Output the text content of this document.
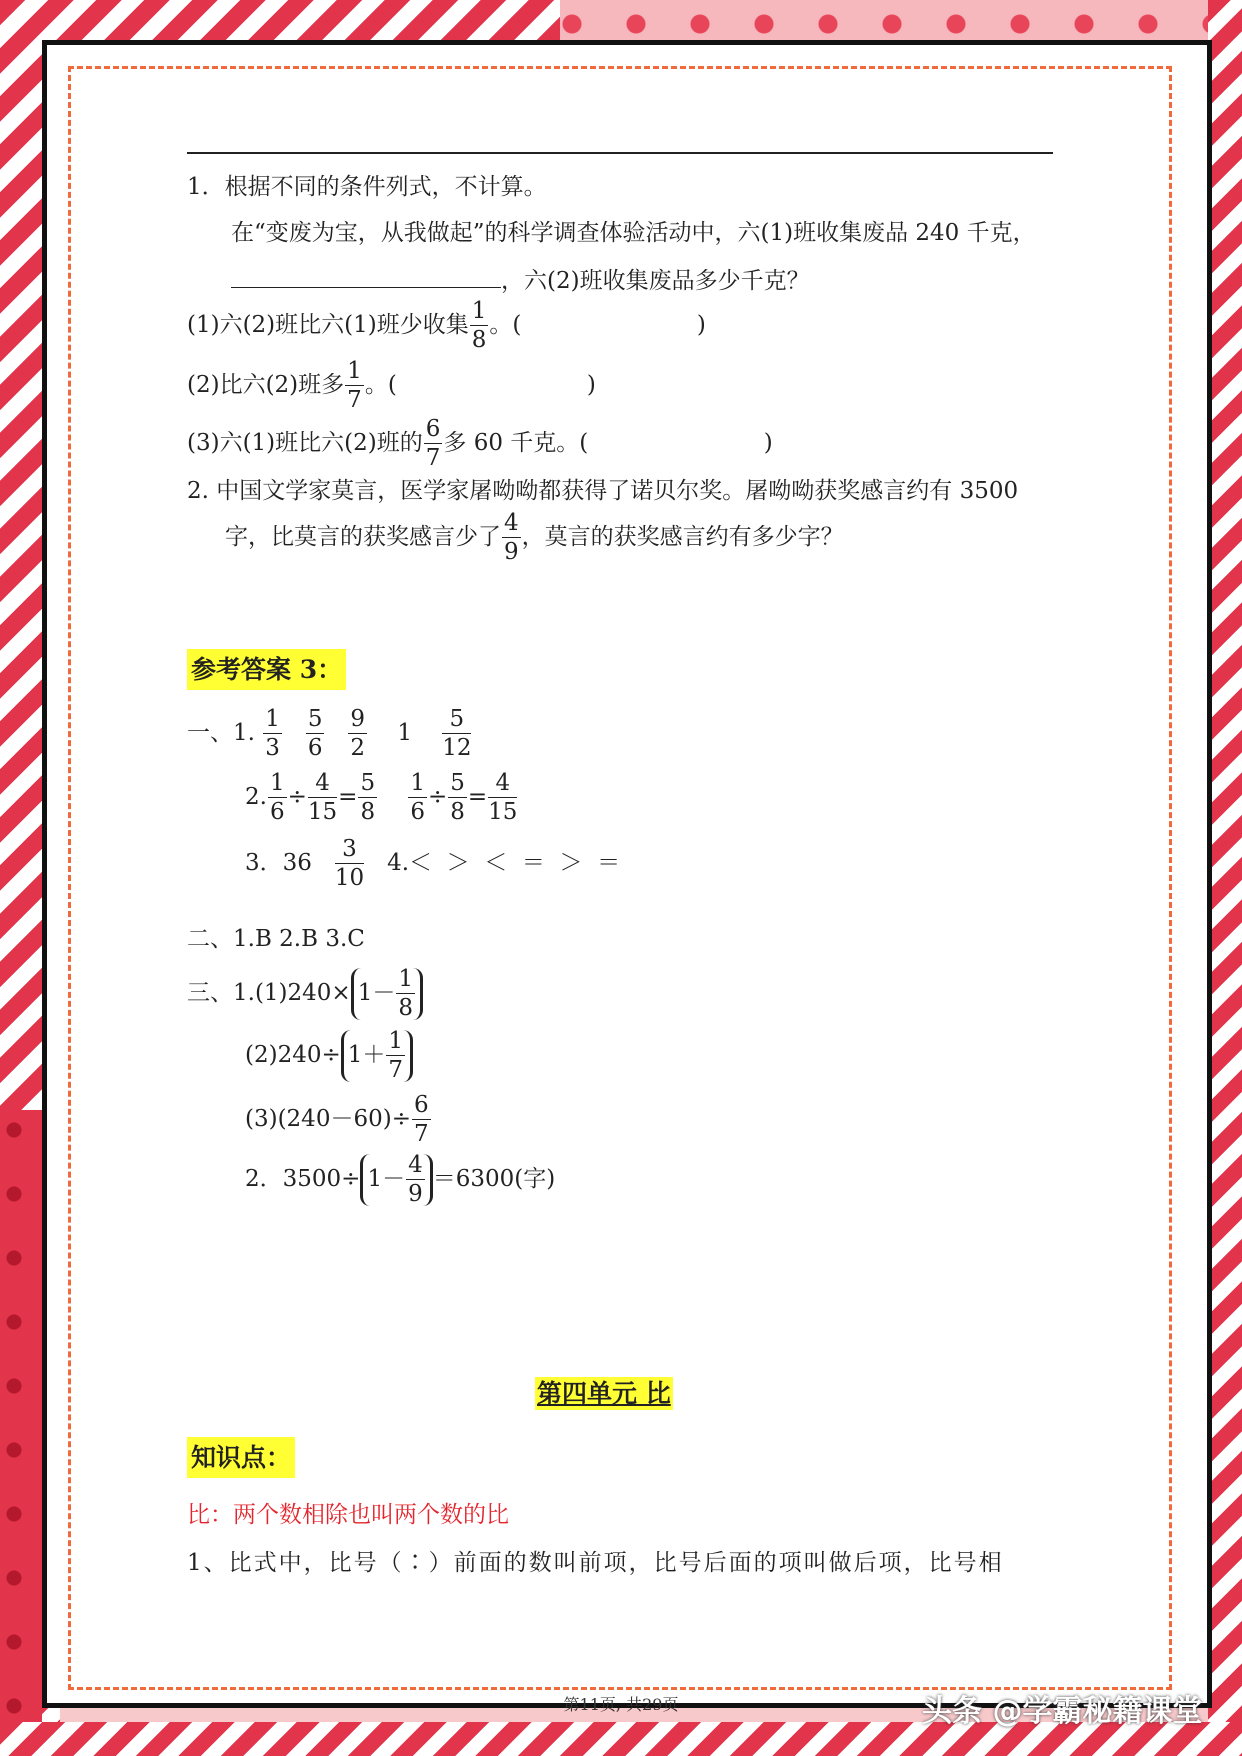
1．根据不同的条件列式，不计算。
在“变废为宝，从我做起”的科学调查体验活动中，六(1)班收集废品 240 千克，
，六(2)班收集废品多少千克？
(1)六(2)班比六(1)班少收集 $\frac{1}{8}$ 。(                        )
(2)比六(2)班多 $\frac{1}{7}$ 。(                          )
(3)六(1)班比六(2)班的 $\frac{6}{7}$ 多 60 千克。(                        )
2. 中国文学家莫言，医学家屠呦呦都获得了诺贝尔奖。屠呦呦获奖感言约有 3500
字，比莫言的获奖感言少了 $\frac{4}{9}$ ，莫言的获奖感言约有多少字？
参考答案 3：
一、1. $\frac{1}{3}$
$\frac{5}{6}$
$\frac{9}{2} 1 \frac{5}{12}$
2. $\frac{1}{6} \div \frac{4}{15} = \frac{5}{8}$
$\frac{1}{6} \div \frac{5}{8} = \frac{4}{15}$
3．$36 \frac{3}{10} 4.<$  ＞  ＜  ＝  ＞  ＝
二、1.B 2.B 3.C
三、$1.(1)240\times 1- \frac{1}{8}$
$(2)240\div 1+ \frac{1}{7}$
$(3)(240-60)\div \frac{6}{7}$
2．$3500\div 1- \frac{4}{9} =6300$(字)
第四单元 比
知识点：
比：两个数相除也叫两个数的比
1、比式中，比号（∶）前面的数叫前项，比号后面的项叫做后项，比号相
第11页, 共29页	头条 @学霸秘籍课堂
